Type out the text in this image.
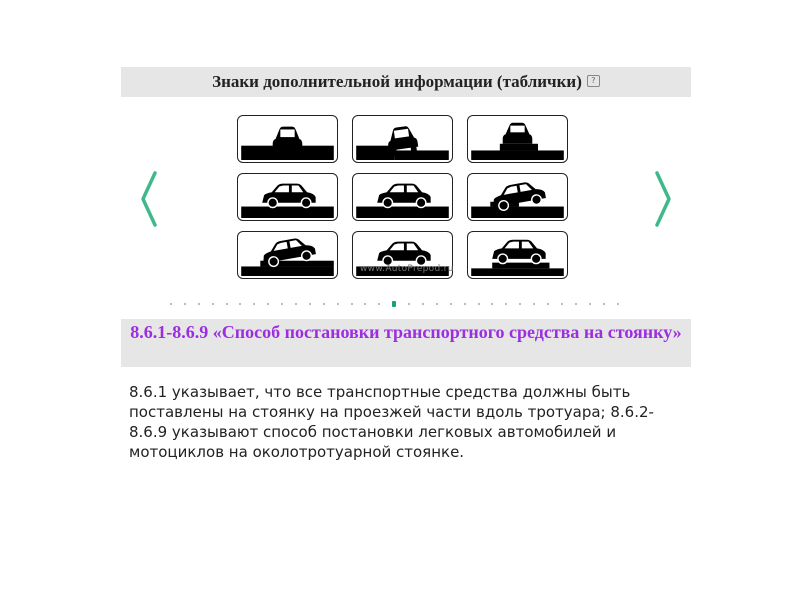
Знаки дополнительной информации (таблички)	?
www.AutoPrepod.ru
8.6.1-8.6.9 «Способ постановки транспортного средства на стоянку»
8.6.1 указывает, что все транспортные средства должны быть поставлены на стоянку на проезжей части вдоль тротуара; 8.6.2-8.6.9 указывают способ постановки легковых автомобилей и мотоциклов на околотротуарной стоянке.
